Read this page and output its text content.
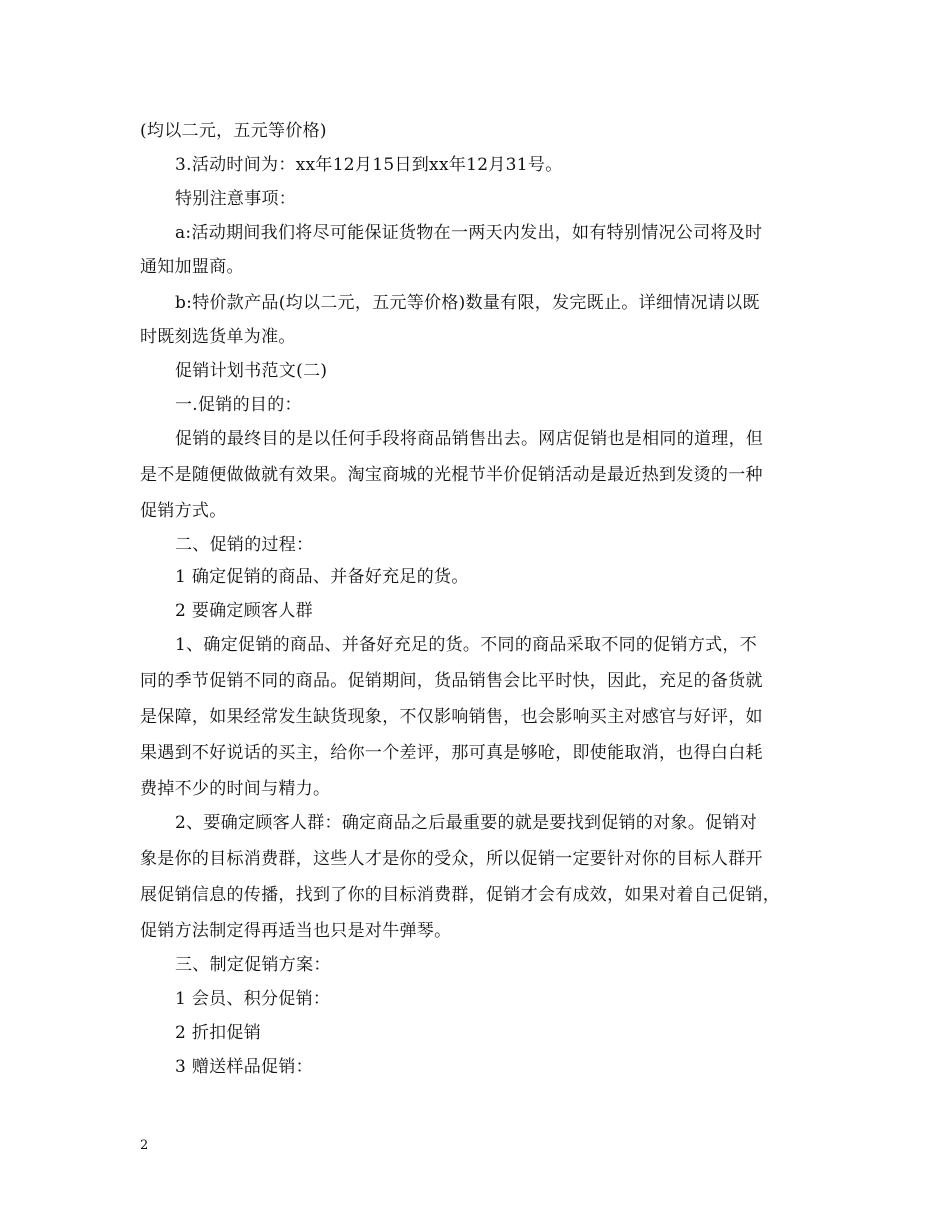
(均以二元，五元等价格)
3.活动时间为：xx年12月15日到xx年12月31号。
特别注意事项：
a:活动期间我们将尽可能保证货物在一两天内发出，如有特别情况公司将及时
通知加盟商。
b:特价款产品(均以二元，五元等价格)数量有限，发完既止。详细情况请以既
时既刻选货单为准。
促销计划书范文(二)
一.促销的目的：
促销的最终目的是以任何手段将商品销售出去。网店促销也是相同的道理，但
是不是随便做做就有效果。淘宝商城的光棍节半价促销活动是最近热到发烫的一种
促销方式。
二、促销的过程：
1 确定促销的商品、并备好充足的货。
2 要确定顾客人群
1、确定促销的商品、并备好充足的货。不同的商品采取不同的促销方式，不
同的季节促销不同的商品。促销期间，货品销售会比平时快，因此，充足的备货就
是保障，如果经常发生缺货现象，不仅影响销售，也会影响买主对感官与好评，如
果遇到不好说话的买主，给你一个差评，那可真是够呛，即使能取消，也得白白耗
费掉不少的时间与精力。
2、要确定顾客人群：确定商品之后最重要的就是要找到促销的对象。促销对
象是你的目标消费群，这些人才是你的受众，所以促销一定要针对你的目标人群开
展促销信息的传播，找到了你的目标消费群，促销才会有成效，如果对着自己促销，
促销方法制定得再适当也只是对牛弹琴。
三、制定促销方案：
1 会员、积分促销：
2 折扣促销
3 赠送样品促销：
2
